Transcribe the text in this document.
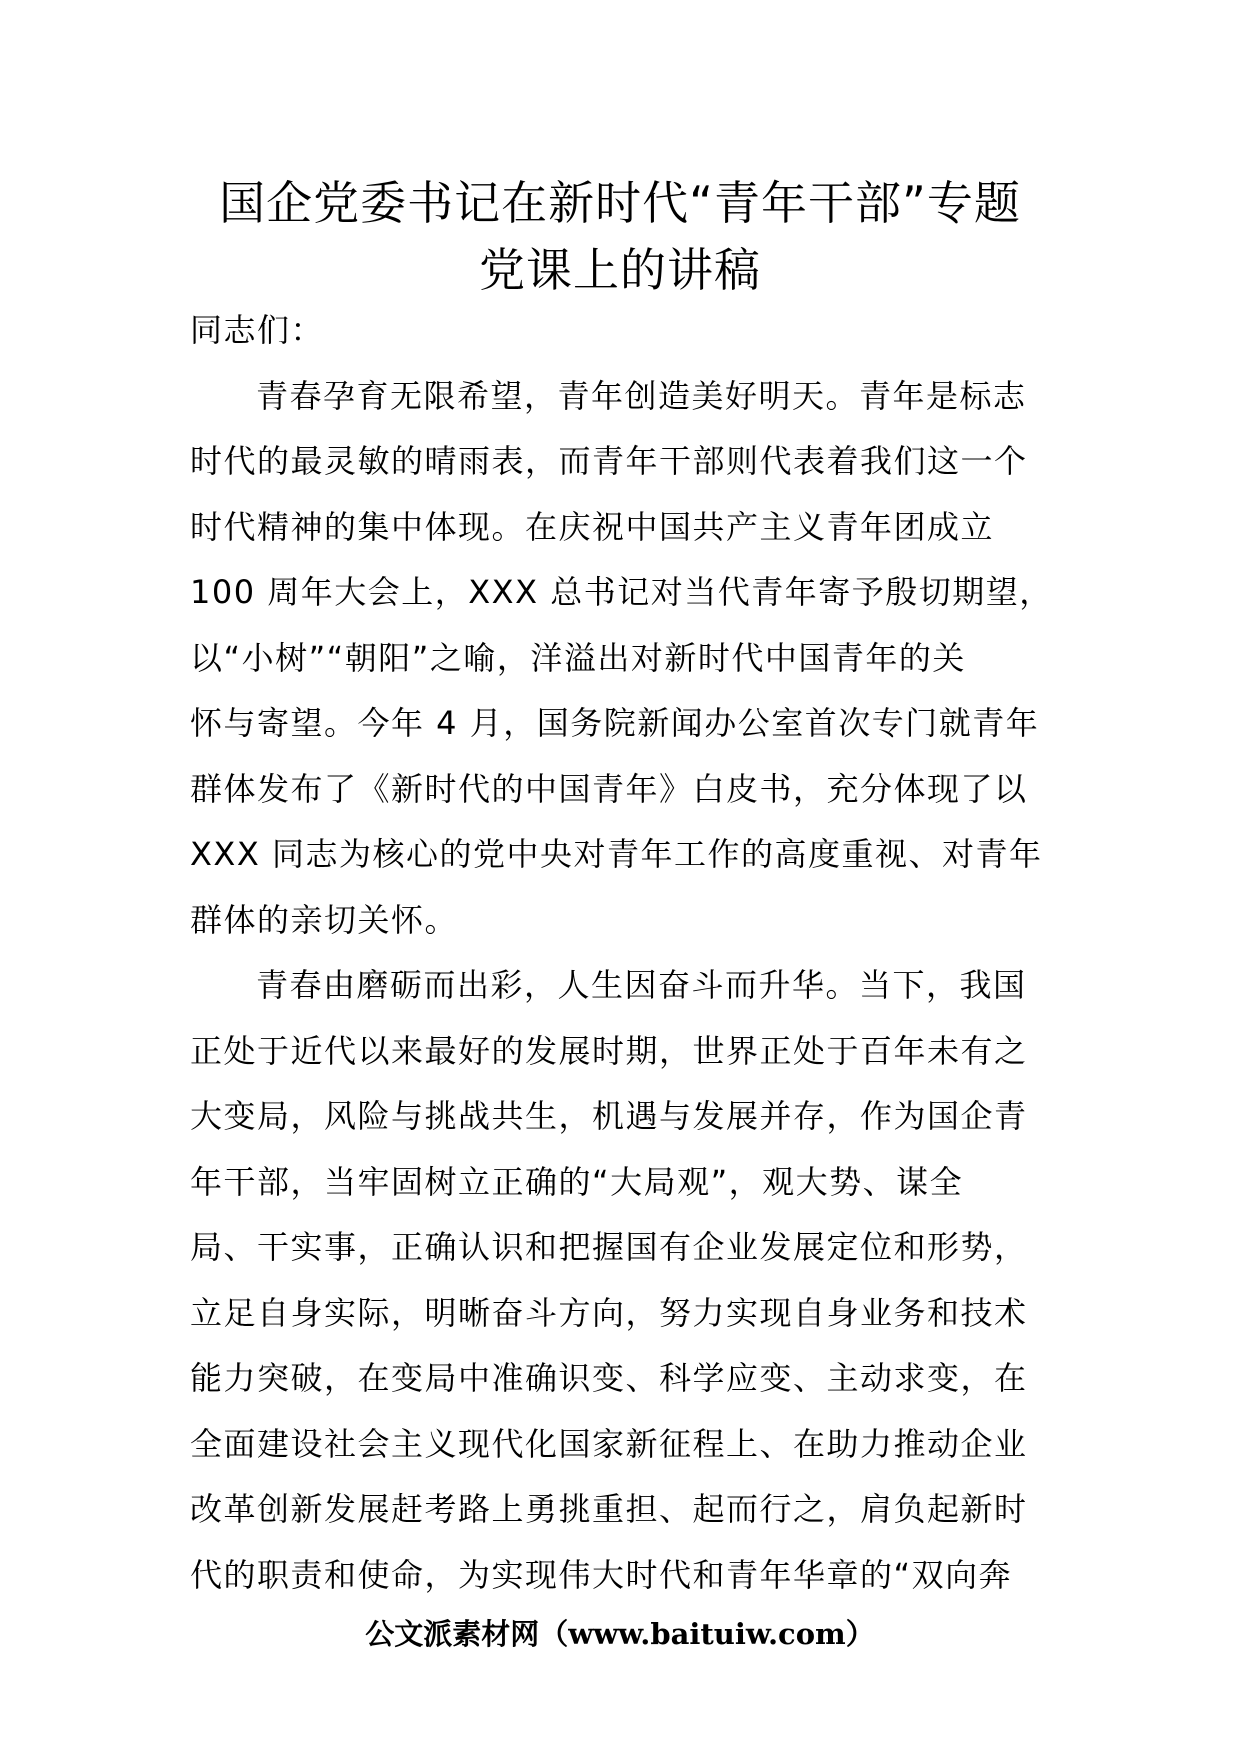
国企党委书记在新时代“青年干部”专题
党课上的讲稿
同志们：
青春孕育无限希望，青年创造美好明天。青年是标志
时代的最灵敏的晴雨表，而青年干部则代表着我们这一个
时代精神的集中体现。在庆祝中国共产主义青年团成立
100 周年大会上，XXX 总书记对当代青年寄予殷切期望，
以“小树”“朝阳”之喻，洋溢出对新时代中国青年的关
怀与寄望。今年 4 月，国务院新闻办公室首次专门就青年
群体发布了《新时代的中国青年》白皮书，充分体现了以
XXX 同志为核心的党中央对青年工作的高度重视、对青年
群体的亲切关怀。
青春由磨砺而出彩，人生因奋斗而升华。当下，我国
正处于近代以来最好的发展时期，世界正处于百年未有之
大变局，风险与挑战共生，机遇与发展并存，作为国企青
年干部，当牢固树立正确的“大局观”，观大势、谋全
局、干实事，正确认识和把握国有企业发展定位和形势，
立足自身实际，明晰奋斗方向，努力实现自身业务和技术
能力突破，在变局中准确识变、科学应变、主动求变，在
全面建设社会主义现代化国家新征程上、在助力推动企业
改革创新发展赶考路上勇挑重担、起而行之，肩负起新时
代的职责和使命，为实现伟大时代和青年华章的“双向奔
公文派素材网（www.baituiw.com）
